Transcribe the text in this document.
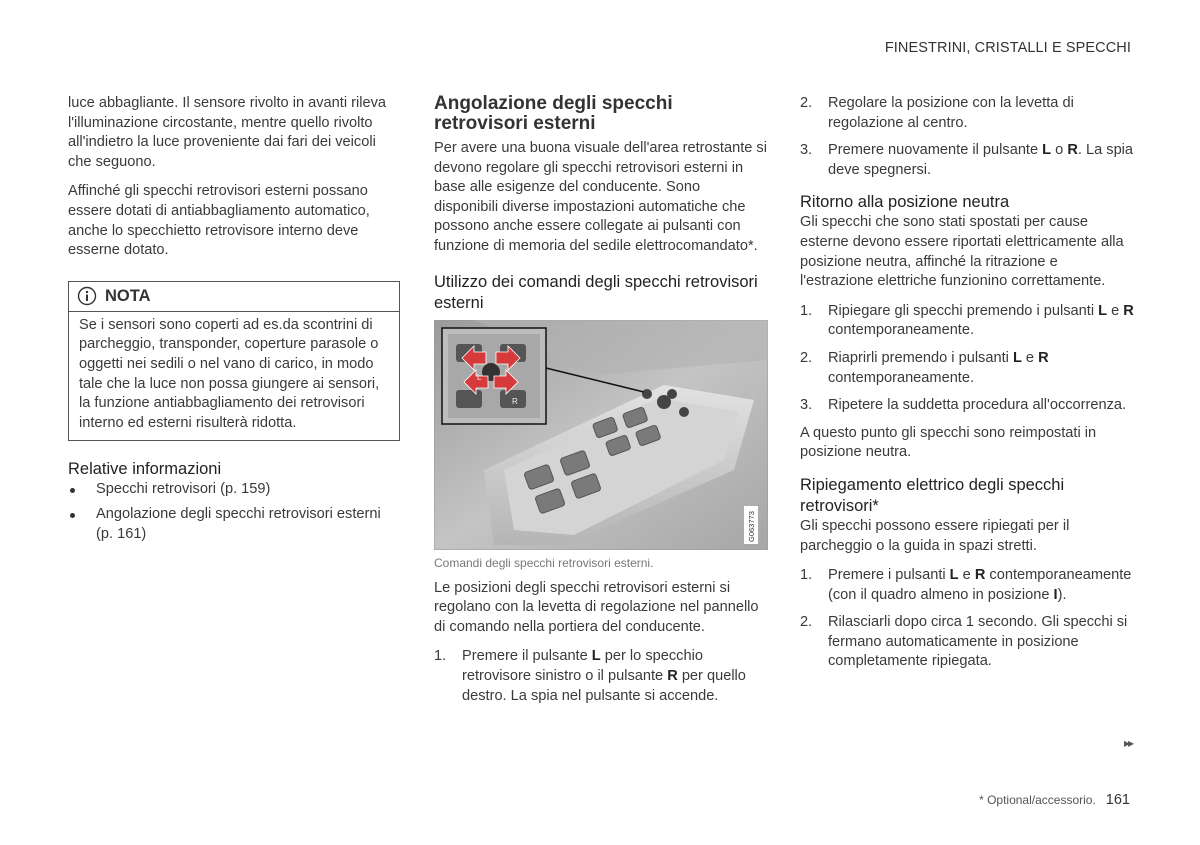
FINESTRINI, CRISTALLI E SPECCHI

luce abbagliante. Il sensore rivolto in avanti rileva l'illuminazione circostante, mentre quello rivolto all'indietro la luce proveniente dai fari dei veicoli che seguono.

Affinché gli specchi retrovisori esterni possano essere dotati di antiabbagliamento automatico, anche lo specchietto retrovisore interno deve esserne dotato.

NOTA

Se i sensori sono coperti ad es.da scontrini di parcheggio, transponder, coperture parasole o oggetti nei sedili o nel vano di carico, in modo tale che la luce non possa giungere ai sensori, la funzione antiabbagliamento dei retrovisori interno ed esterni risulterà ridotta.

Relative informazioni
Specchi retrovisori (p. 159)
Angolazione degli specchi retrovisori esterni (p. 161)
Angolazione degli specchi retrovisori esterni

Per avere una buona visuale dell'area retrostante si devono regolare gli specchi retrovisori esterni in base alle esigenze del conducente. Sono disponibili diverse impostazioni automatiche che possono anche essere collegate ai pulsanti con funzione di memoria del sedile elettrocomandato*.

Utilizzo dei comandi degli specchi retrovisori esterni
L
R
G063773
Comandi degli specchi retrovisori esterni.

Le posizioni degli specchi retrovisori esterni si regolano con la levetta di regolazione nel pannello di comando nella portiera del conducente.

1. Premere il pulsante L per lo specchio retrovisore sinistro o il pulsante R per quello destro. La spia nel pulsante si accende.
2. Regolare la posizione con la levetta di regolazione al centro.
3. Premere nuovamente il pulsante L o R. La spia deve spegnersi.
Ritorno alla posizione neutra

Gli specchi che sono stati spostati per cause esterne devono essere riportati elettricamente alla posizione neutra, affinché la ritrazione e l'estrazione elettriche funzionino correttamente.

1. Ripiegare gli specchi premendo i pulsanti L e R contemporaneamente.
2. Riaprirli premendo i pulsanti L e R contemporaneamente.
3. Ripetere la suddetta procedura all'occorrenza.

A questo punto gli specchi sono reimpostati in posizione neutra.

Ripiegamento elettrico degli specchi retrovisori*

Gli specchi possono essere ripiegati per il parcheggio o la guida in spazi stretti.

1. Premere i pulsanti L e R contemporaneamente (con il quadro almeno in posizione I).
2. Rilasciarli dopo circa 1 secondo. Gli specchi si fermano automaticamente in posizione completamente ripiegata.
▸▸
* Optional/accessorio. 161
